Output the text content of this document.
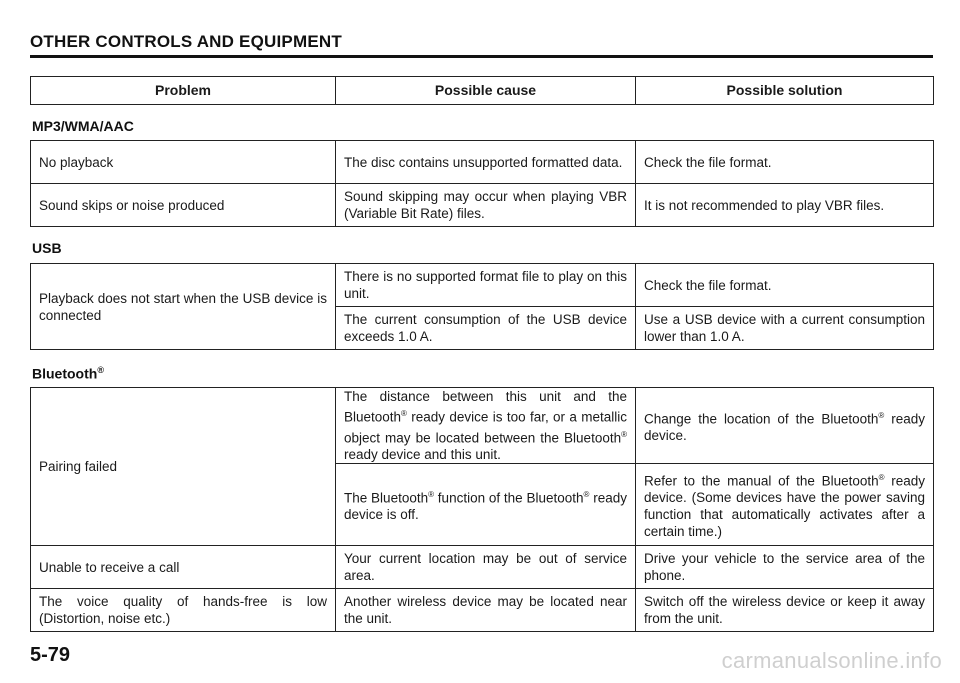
OTHER CONTROLS AND EQUIPMENT
Problem	Possible cause	Possible solution
MP3/WMA/AAC
No playback	The disc contains unsupported formatted data.	Check the file format.
Sound skips or noise produced	Sound skipping may occur when playing VBR (Variable Bit Rate) files.	It is not recommended to play VBR files.
USB
Playback does not start when the USB device is connected	There is no supported format file to play on this unit.	Check the file format.
	The current consumption of the USB device exceeds 1.0 A.	Use a USB device with a current consumption lower than 1.0 A.
Bluetooth®
Pairing failed	The distance between this unit and the Bluetooth® ready device is too far, or a metallic object may be located between the Bluetooth® ready device and this unit.	Change the location of the Bluetooth® ready device.
	The Bluetooth® function of the Bluetooth® ready device is off.	Refer to the manual of the Bluetooth® ready device. (Some devices have the power saving function that automatically activates after a certain time.)
Unable to receive a call	Your current location may be out of service area.	Drive your vehicle to the service area of the phone.
The voice quality of hands-free is low (Distortion, noise etc.)	Another wireless device may be located near the unit.	Switch off the wireless device or keep it away from the unit.
5-79	carmanualsonline.info
